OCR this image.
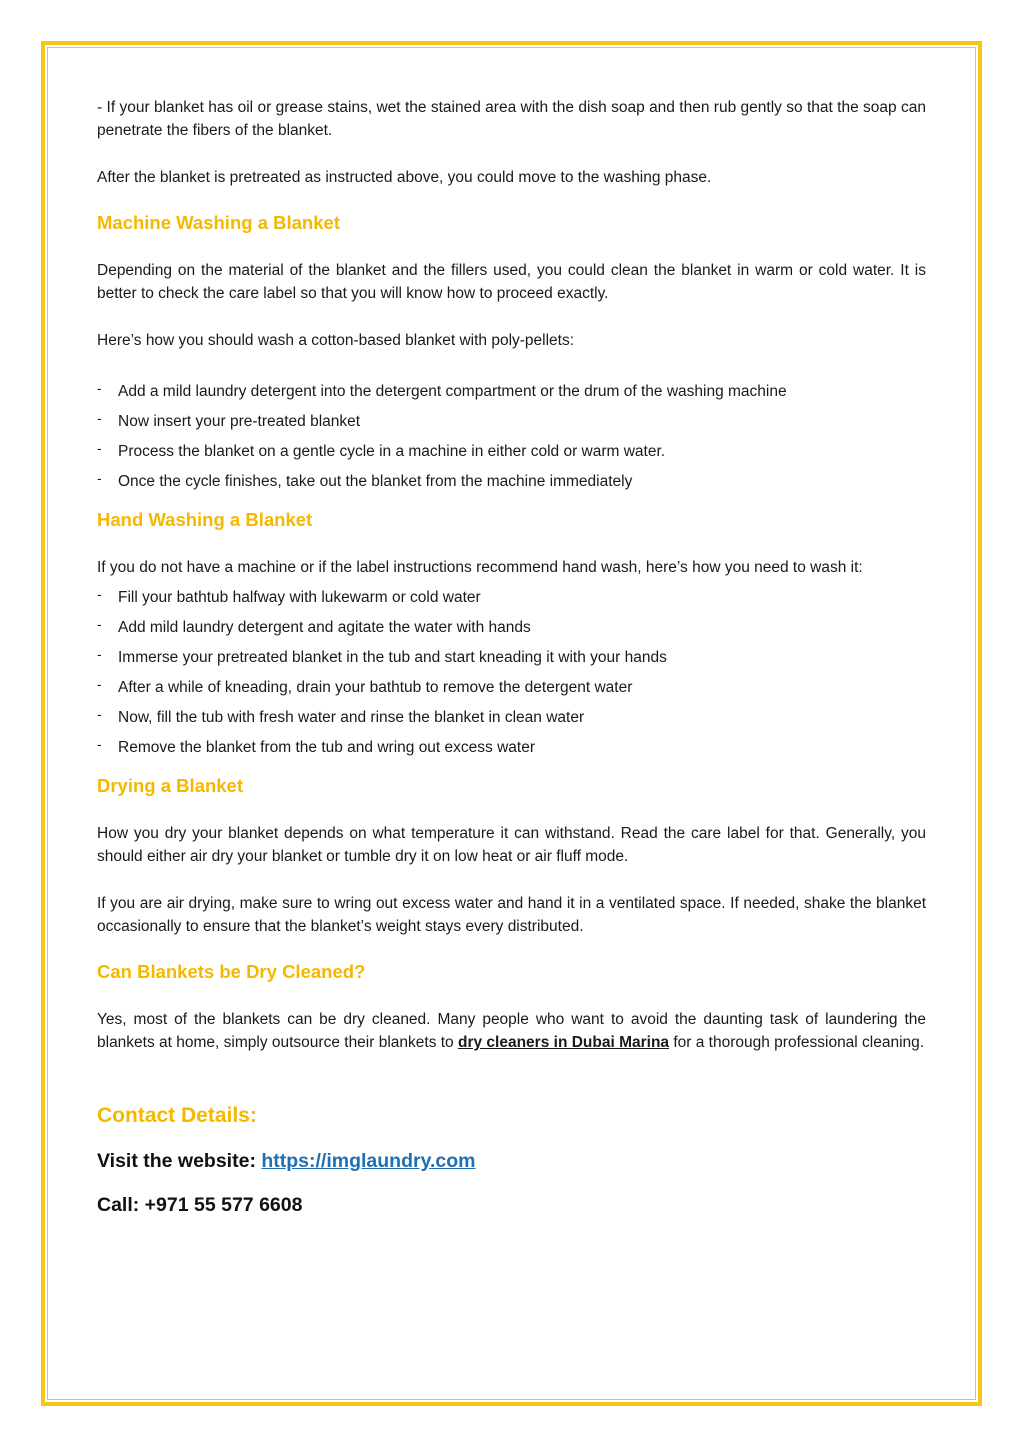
- If your blanket has oil or grease stains, wet the stained area with the dish soap and then rub gently so that the soap can penetrate the fibers of the blanket.

After the blanket is pretreated as instructed above, you could move to the washing phase.

Machine Washing a Blanket

Depending on the material of the blanket and the fillers used, you could clean the blanket in warm or cold water. It is better to check the care label so that you will know how to proceed exactly.

Here’s how you should wash a cotton-based blanket with poly-pellets:

- Add a mild laundry detergent into the detergent compartment or the drum of the washing machine
- Now insert your pre-treated blanket
- Process the blanket on a gentle cycle in a machine in either cold or warm water.
- Once the cycle finishes, take out the blanket from the machine immediately
Hand Washing a Blanket

If you do not have a machine or if the label instructions recommend hand wash, here’s how you need to wash it:

- Fill your bathtub halfway with lukewarm or cold water
- Add mild laundry detergent and agitate the water with hands
- Immerse your pretreated blanket in the tub and start kneading it with your hands
- After a while of kneading, drain your bathtub to remove the detergent water
- Now, fill the tub with fresh water and rinse the blanket in clean water
- Remove the blanket from the tub and wring out excess water
Drying a Blanket

How you dry your blanket depends on what temperature it can withstand. Read the care label for that. Generally, you should either air dry your blanket or tumble dry it on low heat or air fluff mode.

If you are air drying, make sure to wring out excess water and hand it in a ventilated space. If needed, shake the blanket occasionally to ensure that the blanket’s weight stays every distributed.

Can Blankets be Dry Cleaned?

Yes, most of the blankets can be dry cleaned. Many people who want to avoid the daunting task of laundering the blankets at home, simply outsource their blankets to dry cleaners in Dubai Marina for a thorough professional cleaning.

Contact Details:

Visit the website: https://imglaundry.com

Call: +971 55 577 6608
